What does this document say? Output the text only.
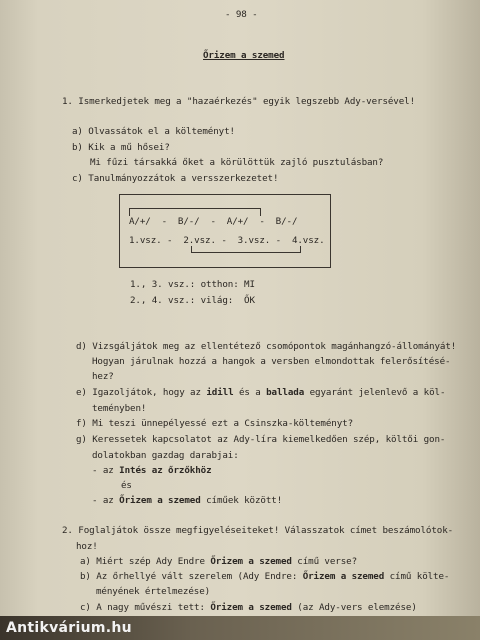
- 98 -
Őrizem a szemed
1. Ismerkedjetek meg a "hazaérkezés" egyik legszebb Ady-versével!
a) Olvassátok el a költeményt!
b) Kik a mű hősei?
Mi fűzi társakká őket a körülöttük zajló pusztulásban?
c) Tanulmányozzátok a versszerkezetet!
A/+/  -  B/-/  -  A/+/  -  B/-/
1.vsz. -  2.vsz. -  3.vsz. -  4.vsz.
1., 3. vsz.: otthon: MI
2., 4. vsz.: világ:  ŐK
d) Vizsgáljátok meg az ellentétező csomópontok magánhangzó-állományát!
Hogyan járulnak hozzá a hangok a versben elmondottak felerősítésé-
hez?
e) Igazoljátok, hogy az idill és a ballada egyaránt jelenlevő a köl-
teményben!
f) Mi teszi ünnepélyessé ezt a Csinszka-költeményt?
g) Keressetek kapcsolatot az Ady-líra kiemelkedően szép, költői gon-
dolatokban gazdag darabjai:
- az Intés az őrzőkhöz
és
- az Őrizem a szemed címűek között!
2. Foglaljátok össze megfigyeléseiteket! Válasszatok címet beszámolótok-
hoz!
a) Miért szép Ady Endre Őrizem a szemed című verse?
b) Az őrhellyé vált szerelem (Ady Endre: Őrizem a szemed című költe-
ményének értelmezése)
c) A nagy művészi tett: Őrizem a szemed (az Ady-vers elemzése)
Antikvárium.hu
